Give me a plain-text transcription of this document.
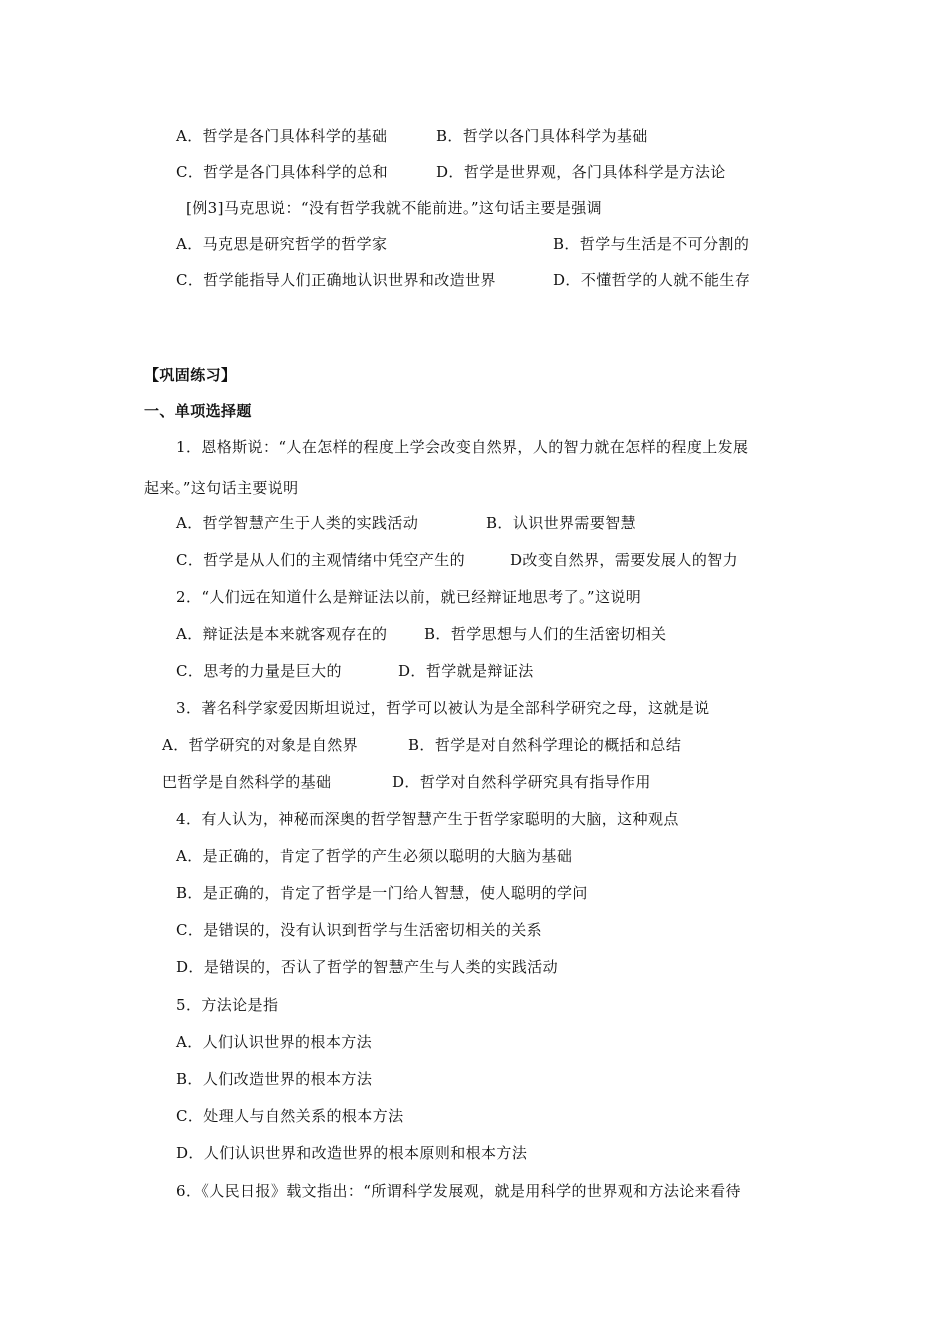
A．哲学是各门具体科学的基础	B．哲学以各门具体科学为基础
C．哲学是各门具体科学的总和	D．哲学是世界观，各门具体科学是方法论
[例3]马克思说：“没有哲学我就不能前进。”这句话主要是强调
A．马克思是研究哲学的哲学家	B．哲学与生活是不可分割的
C．哲学能指导人们正确地认识世界和改造世界	D．不懂哲学的人就不能生存
【巩固练习】
一、单项选择题
1．恩格斯说：“人在怎样的程度上学会改变自然界，人的智力就在怎样的程度上发展
起来。”这句话主要说明
A．哲学智慧产生于人类的实践活动	B．认识世界需要智慧
C．哲学是从人们的主观情绪中凭空产生的	D改变自然界，需要发展人的智力
2．“人们远在知道什么是辩证法以前，就已经辩证地思考了。”这说明
A．辩证法是本来就客观存在的 B．哲学思想与人们的生活密切相关
C．思考的力量是巨大的	D．哲学就是辩证法
3．著名科学家爱因斯坦说过，哲学可以被认为是全部科学研究之母，这就是说
A．哲学研究的对象是自然界	B．哲学是对自然科学理论的概括和总结
巴哲学是自然科学的基础	D．哲学对自然科学研究具有指导作用
4．有人认为，神秘而深奥的哲学智慧产生于哲学家聪明的大脑，这种观点
A．是正确的，肯定了哲学的产生必须以聪明的大脑为基础
B．是正确的，肯定了哲学是一门给人智慧，使人聪明的学问
C．是错误的，没有认识到哲学与生活密切相关的关系
D．是错误的，否认了哲学的智慧产生与人类的实践活动
5．方法论是指
A．人们认识世界的根本方法
B．人们改造世界的根本方法
C．处理人与自然关系的根本方法
D．人们认识世界和改造世界的根本原则和根本方法
6．《人民日报》载文指出：“所谓科学发展观，就是用科学的世界观和方法论来看待
